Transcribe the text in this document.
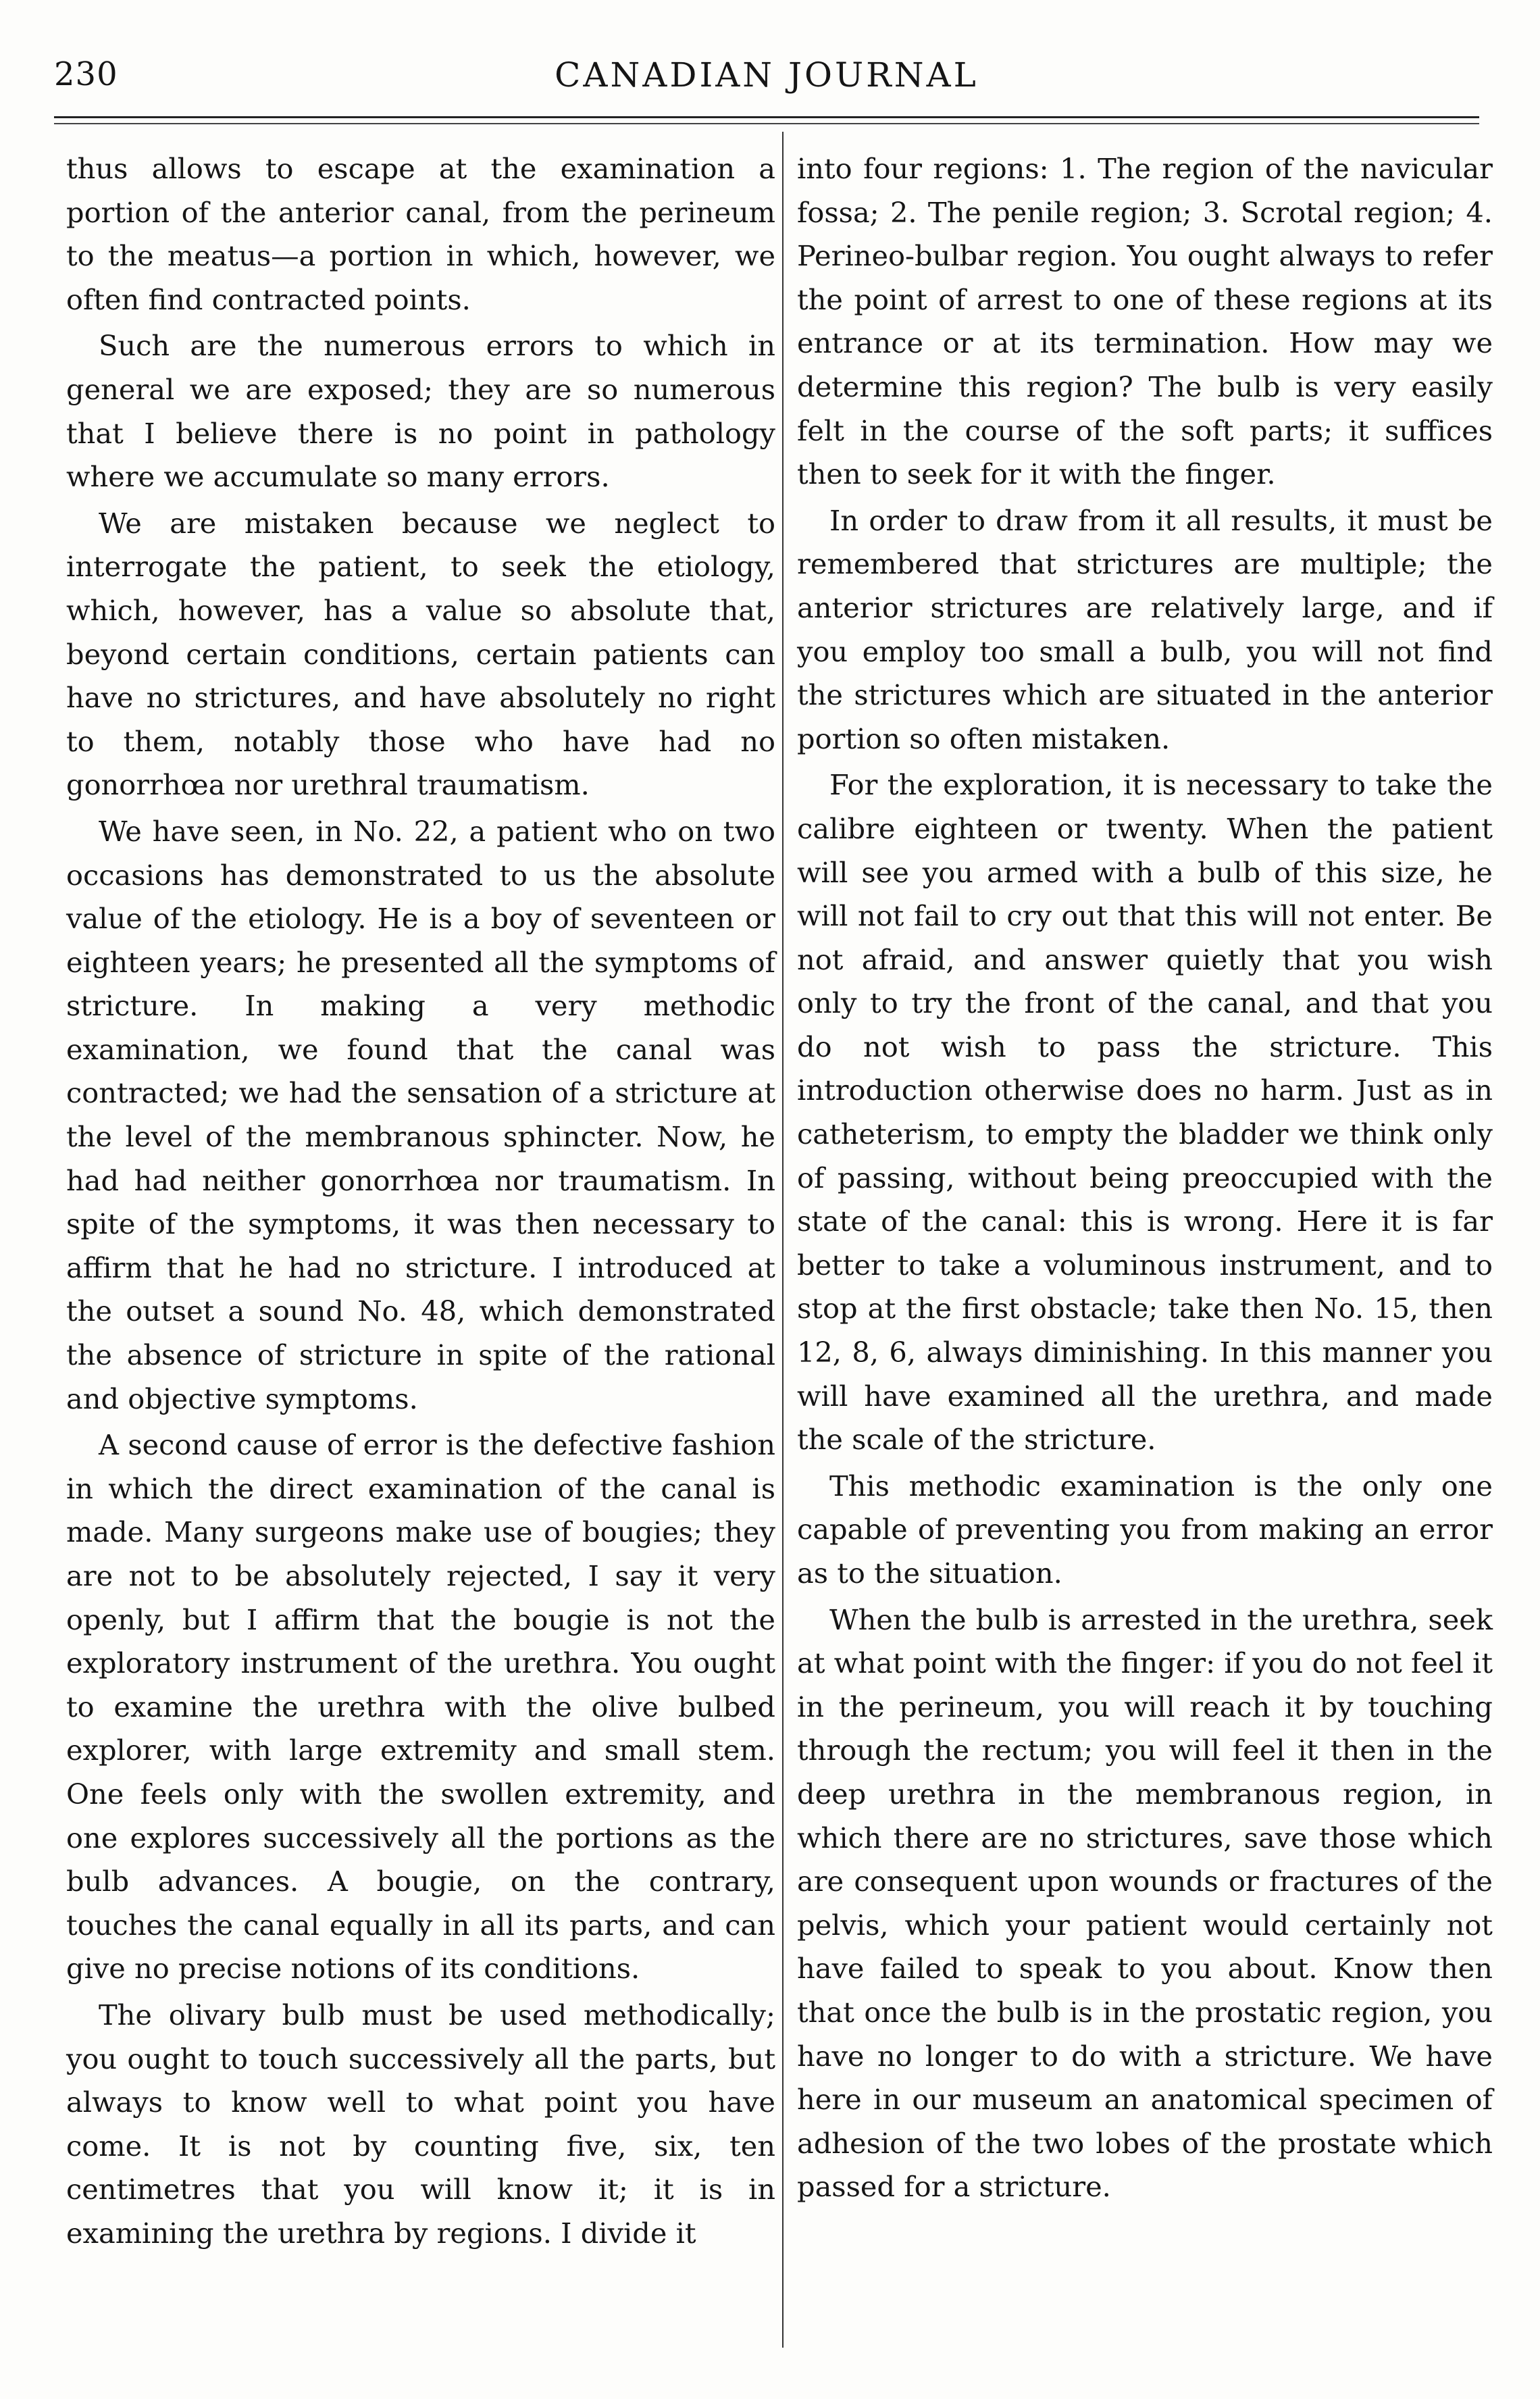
230	CANADIAN JOURNAL

thus allows to escape at the examination a portion of the anterior canal, from the perineum to the meatus—a portion in which, however, we often find contracted points.

Such are the numerous errors to which in general we are exposed; they are so numerous that I believe there is no point in pathology where we accumulate so many errors.

We are mistaken because we neglect to interrogate the patient, to seek the etiology, which, however, has a value so absolute that, beyond certain conditions, certain patients can have no strictures, and have absolutely no right to them, notably those who have had no gonorrhœa nor urethral traumatism.

We have seen, in No. 22, a patient who on two occasions has demonstrated to us the absolute value of the etiology. He is a boy of seventeen or eighteen years; he presented all the symptoms of stricture. In making a very methodic examination, we found that the canal was contracted; we had the sensation of a stricture at the level of the membranous sphincter. Now, he had had neither gonorrhœa nor traumatism. In spite of the symptoms, it was then necessary to affirm that he had no stricture. I introduced at the outset a sound No. 48, which demonstrated the absence of stricture in spite of the rational and objective symptoms.

A second cause of error is the defective fashion in which the direct examination of the canal is made. Many surgeons make use of bougies; they are not to be absolutely rejected, I say it very openly, but I affirm that the bougie is not the exploratory instrument of the urethra. You ought to examine the urethra with the olive bulbed explorer, with large extremity and small stem. One feels only with the swollen extremity, and one explores successively all the portions as the bulb advances. A bougie, on the contrary, touches the canal equally in all its parts, and can give no precise notions of its conditions.

The olivary bulb must be used methodically; you ought to touch successively all the parts, but always to know well to what point you have come. It is not by counting five, six, ten centimetres that you will know it; it is in examining the urethra by regions. I divide it

into four regions: 1. The region of the navicular fossa; 2. The penile region; 3. Scrotal region; 4. Perineo-bulbar region. You ought always to refer the point of arrest to one of these regions at its entrance or at its termination. How may we determine this region? The bulb is very easily felt in the course of the soft parts; it suffices then to seek for it with the finger.

In order to draw from it all results, it must be remembered that strictures are multiple; the anterior strictures are relatively large, and if you employ too small a bulb, you will not find the strictures which are situated in the anterior portion so often mistaken.

For the exploration, it is necessary to take the calibre eighteen or twenty. When the patient will see you armed with a bulb of this size, he will not fail to cry out that this will not enter. Be not afraid, and answer quietly that you wish only to try the front of the canal, and that you do not wish to pass the stricture. This introduction otherwise does no harm. Just as in catheterism, to empty the bladder we think only of passing, without being preoccupied with the state of the canal: this is wrong. Here it is far better to take a voluminous instrument, and to stop at the first obstacle; take then No. 15, then 12, 8, 6, always diminishing. In this manner you will have examined all the urethra, and made the scale of the stricture.

This methodic examination is the only one capable of preventing you from making an error as to the situation.

When the bulb is arrested in the urethra, seek at what point with the finger: if you do not feel it in the perineum, you will reach it by touching through the rectum; you will feel it then in the deep urethra in the membranous region, in which there are no strictures, save those which are consequent upon wounds or fractures of the pelvis, which your patient would certainly not have failed to speak to you about. Know then that once the bulb is in the prostatic region, you have no longer to do with a stricture. We have here in our museum an anatomical specimen of adhesion of the two lobes of the prostate which passed for a stricture.
